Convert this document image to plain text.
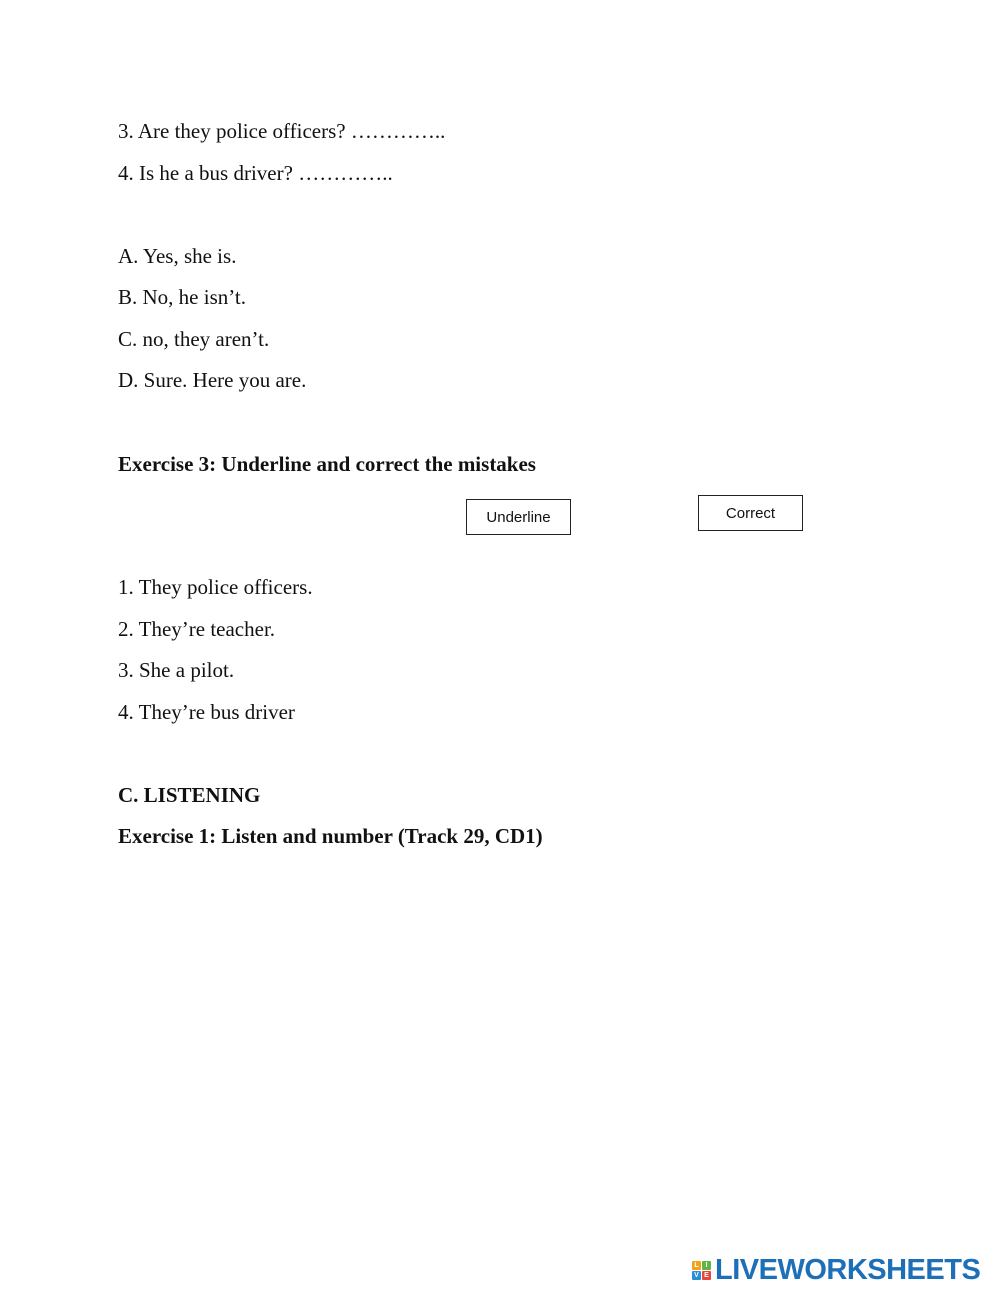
3. Are they police officers? …………..
4. Is he a bus driver? …………..
A. Yes, she is.
B. No, he isn’t.
C. no, they aren’t.
D. Sure. Here you are.
Exercise 3: Underline and correct the mistakes
Underline	Correct
1. They police officers.
2. They’re teacher.
3. She a pilot.
4. They’re bus driver
C. LISTENING
Exercise 1: Listen and number (Track 29, CD1)
L I
V E LIVEWORKSHEETS
